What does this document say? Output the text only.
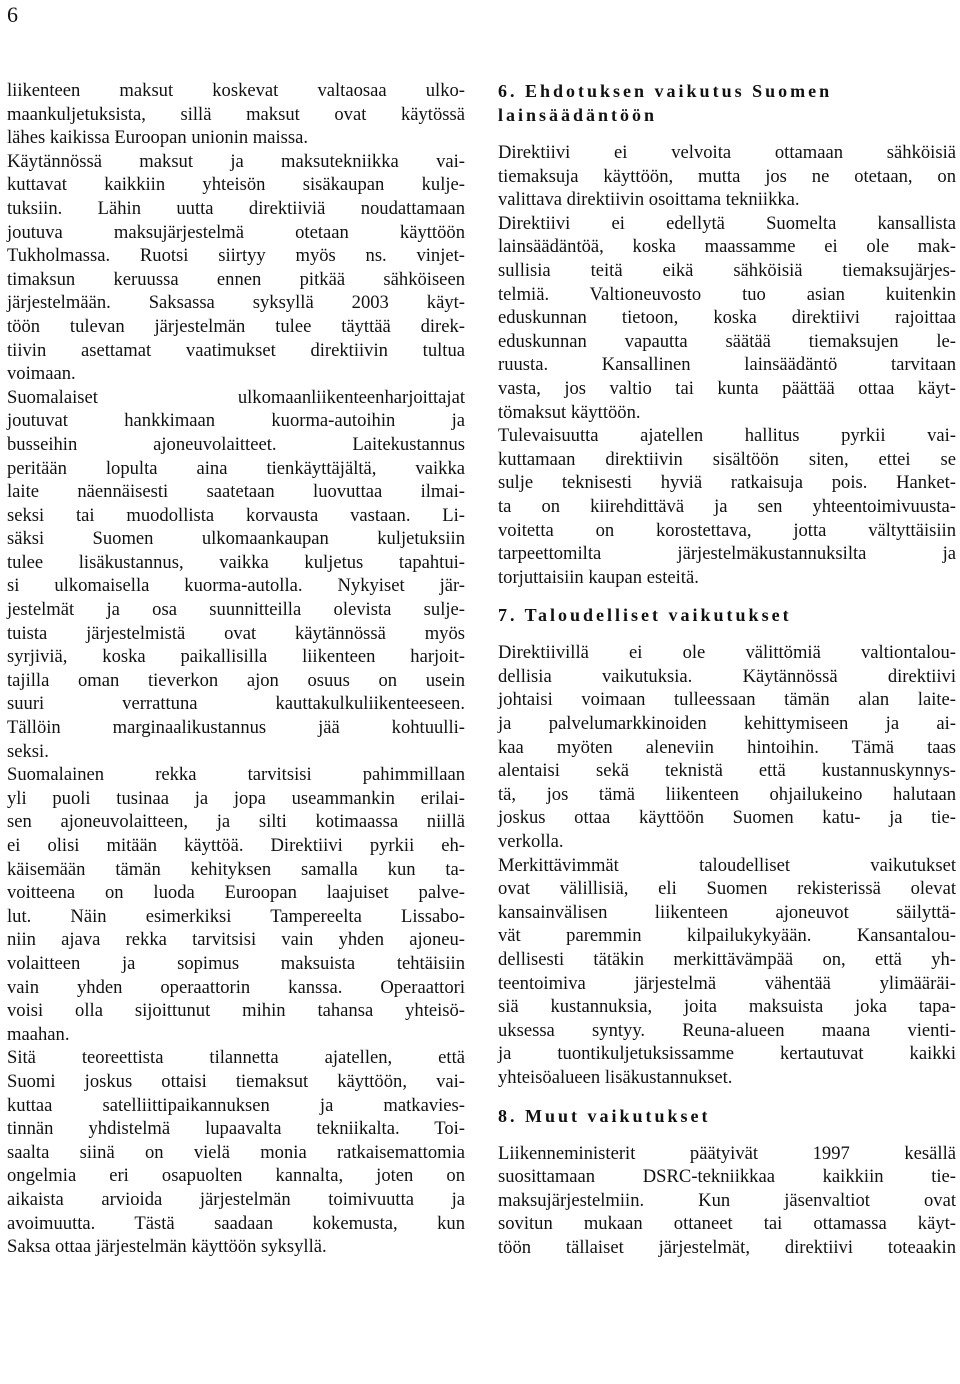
6
liikenteen maksut koskevat valtaosaa ulko-
maankuljetuksista, sillä maksut ovat käytössä
lähes kaikissa Euroopan unionin maissa.
Käytännössä maksut ja maksutekniikka vai-
kuttavat kaikkiin yhteisön sisäkaupan kulje-
tuksiin. Lähin uutta direktiiviä noudattamaan
joutuva maksujärjestelmä otetaan käyttöön
Tukholmassa. Ruotsi siirtyy myös ns. vinjet-
timaksun keruussa ennen pitkää sähköiseen
järjestelmään. Saksassa syksyllä 2003 käyt-
töön tulevan järjestelmän tulee täyttää direk-
tiivin asettamat vaatimukset direktiivin tultua
voimaan.
Suomalaiset ulkomaanliikenteenharjoittajat
joutuvat hankkimaan kuorma-autoihin ja
busseihin ajoneuvolaitteet. Laitekustannus
peritään lopulta aina tienkäyttäjältä, vaikka
laite näennäisesti saatetaan luovuttaa ilmai-
seksi tai muodollista korvausta vastaan. Li-
säksi Suomen ulkomaankaupan kuljetuksiin
tulee lisäkustannus, vaikka kuljetus tapahtui-
si ulkomaisella kuorma-autolla. Nykyiset jär-
jestelmät ja osa suunnitteilla olevista sulje-
tuista järjestelmistä ovat käytännössä myös
syrjiviä, koska paikallisilla liikenteen harjoit-
tajilla oman tieverkon ajon osuus on usein
suuri verrattuna kauttakulkuliikenteeseen.
Tällöin marginaalikustannus jää kohtuulli-
seksi.
Suomalainen rekka tarvitsisi pahimmillaan
yli puoli tusinaa ja jopa useammankin erilai-
sen ajoneuvolaitteen, ja silti kotimaassa niillä
ei olisi mitään käyttöä. Direktiivi pyrkii eh-
käisemään tämän kehityksen samalla kun ta-
voitteena on luoda Euroopan laajuiset palve-
lut. Näin esimerkiksi Tampereelta Lissabo-
niin ajava rekka tarvitsisi vain yhden ajoneu-
volaitteen ja sopimus maksuista tehtäisiin
vain yhden operaattorin kanssa. Operaattori
voisi olla sijoittunut mihin tahansa yhteisö-
maahan.
Sitä teoreettista tilannetta ajatellen, että
Suomi joskus ottaisi tiemaksut käyttöön, vai-
kuttaa satelliittipaikannuksen ja matkavies-
tinnän yhdistelmä lupaavalta tekniikalta. Toi-
saalta siinä on vielä monia ratkaisemattomia
ongelmia eri osapuolten kannalta, joten on
aikaista arvioida järjestelmän toimivuutta ja
avoimuutta. Tästä saadaan kokemusta, kun
Saksa ottaa järjestelmän käyttöön syksyllä.
6. Ehdotuksen vaikutus Suomen
lainsäädäntöön
Direktiivi ei velvoita ottamaan sähköisiä
tiemaksuja käyttöön, mutta jos ne otetaan, on
valittava direktiivin osoittama tekniikka.
Direktiivi ei edellytä Suomelta kansallista
lainsäädäntöä, koska maassamme ei ole mak-
sullisia teitä eikä sähköisiä tiemaksujärjes-
telmiä. Valtioneuvosto tuo asian kuitenkin
eduskunnan tietoon, koska direktiivi rajoittaa
eduskunnan vapautta säätää tiemaksujen le-
ruusta. Kansallinen lainsäädäntö tarvitaan
vasta, jos valtio tai kunta päättää ottaa käyt-
tömaksut käyttöön.
Tulevaisuutta ajatellen hallitus pyrkii vai-
kuttamaan direktiivin sisältöön siten, ettei se
sulje teknisesti hyviä ratkaisuja pois. Hanket-
ta on kiirehdittävä ja sen yhteentoimivuusta-
voitetta on korostettava, jotta vältyttäisiin
tarpeettomilta järjestelmäkustannuksilta ja
torjuttaisiin kaupan esteitä.
7. Taloudelliset vaikutukset
Direktiivillä ei ole välittömiä valtiontalou-
dellisia vaikutuksia. Käytännössä direktiivi
johtaisi voimaan tulleessaan tämän alan laite-
ja palvelumarkkinoiden kehittymiseen ja ai-
kaa myöten aleneviin hintoihin. Tämä taas
alentaisi sekä teknistä että kustannuskynnys-
tä, jos tämä liikenteen ohjailukeino halutaan
joskus ottaa käyttöön Suomen katu- ja tie-
verkolla.
Merkittävimmät taloudelliset vaikutukset
ovat välillisiä, eli Suomen rekisterissä olevat
kansainvälisen liikenteen ajoneuvot säilyttä-
vät paremmin kilpailukykyään. Kansantalou-
dellisesti tätäkin merkittävämpää on, että yh-
teentoimiva järjestelmä vähentää ylimääräi-
siä kustannuksia, joita maksuista joka tapa-
uksessa syntyy. Reuna-alueen maana vienti-
ja tuontikuljetuksissamme kertautuvat kaikki
yhteisöalueen lisäkustannukset.
8. Muut vaikutukset
Liikenneministerit päätyivät 1997 kesällä
suosittamaan DSRC-tekniikkaa kaikkiin tie-
maksujärjestelmiin. Kun jäsenvaltiot ovat
sovitun mukaan ottaneet tai ottamassa käyt-
töön tällaiset järjestelmät, direktiivi toteaakin
